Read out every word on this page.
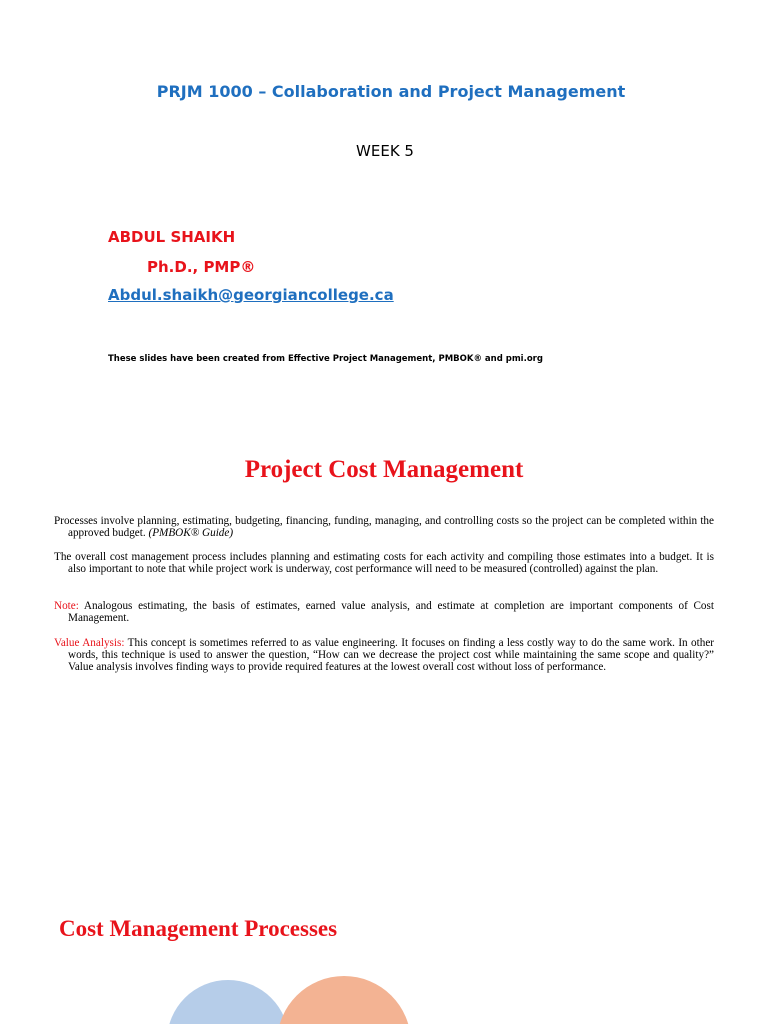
PRJM 1000 – Collaboration and Project Management
WEEK 5
ABDUL SHAIKH
Ph.D., PMP®
Abdul.shaikh@georgiancollege.ca
These slides have been created from Effective Project Management, PMBOK® and pmi.org
Project Cost Management
Processes involve planning, estimating, budgeting, financing, funding, managing, and controlling costs so the project can be completed within the approved budget. (PMBOK® Guide)
The overall cost management process includes planning and estimating costs for each activity and compiling those estimates into a budget. It is also important to note that while project work is underway, cost performance will need to be measured (controlled) against the plan.
Note: Analogous estimating, the basis of estimates, earned value analysis, and estimate at completion are important components of Cost Management.
Value Analysis: This concept is sometimes referred to as value engineering. It focuses on finding a less costly way to do the same work. In other words, this technique is used to answer the question, “How can we decrease the project cost while maintaining the same scope and quality?” Value analysis involves finding ways to provide required features at the lowest overall cost without loss of performance.
Cost Management Processes
